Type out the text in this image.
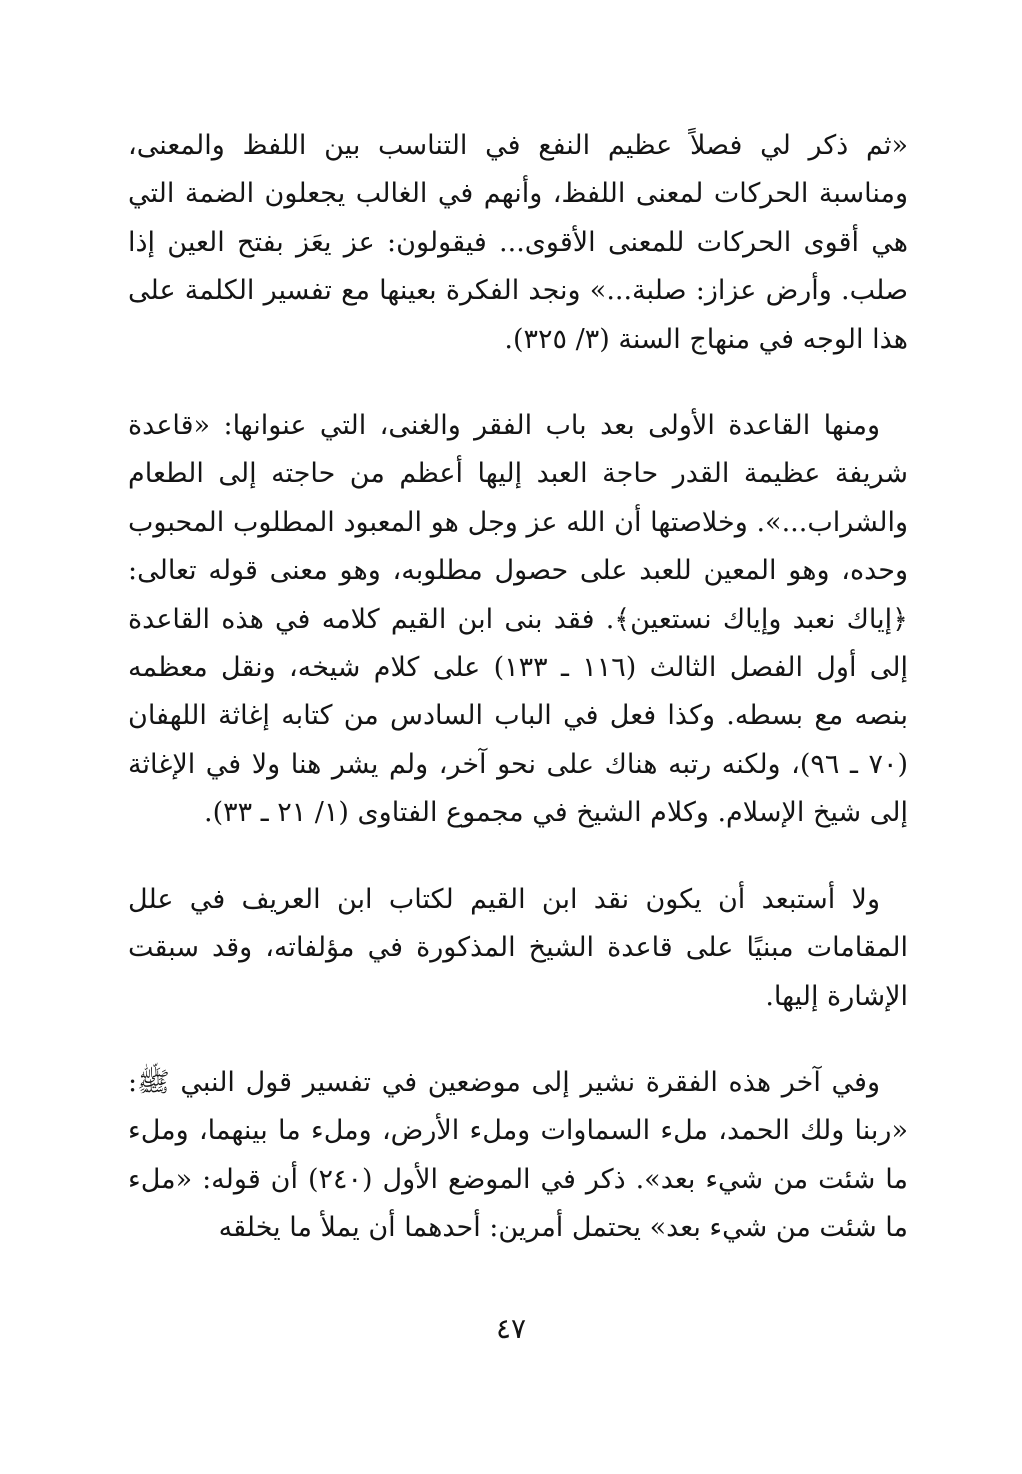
«ثم ذكر لي فصلاً عظيم النفع في التناسب بين اللفظ والمعنى، ومناسبة الحركات لمعنى اللفظ، وأنهم في الغالب يجعلون الضمة التي هي أقوى الحركات للمعنى الأقوى... فيقولون: عز يعَز بفتح العين إذا صلب. وأرض عزاز: صلبة...» ونجد الفكرة بعينها مع تفسير الكلمة على هذا الوجه في منهاج السنة (٣/ ٣٢٥).

ومنها القاعدة الأولى بعد باب الفقر والغنى، التي عنوانها: «قاعدة شريفة عظيمة القدر حاجة العبد إليها أعظم من حاجته إلى الطعام والشراب...». وخلاصتها أن الله عز وجل هو المعبود المطلوب المحبوب وحده، وهو المعين للعبد على حصول مطلوبه، وهو معنى قوله تعالى: ﴿إياك نعبد وإياك نستعين﴾. فقد بنى ابن القيم كلامه في هذه القاعدة إلى أول الفصل الثالث (١١٦ ـ ١٣٣) على كلام شيخه، ونقل معظمه بنصه مع بسطه. وكذا فعل في الباب السادس من كتابه إغاثة اللهفان (٧٠ ـ ٩٦)، ولكنه رتبه هناك على نحو آخر، ولم يشر هنا ولا في الإغاثة إلى شيخ الإسلام. وكلام الشيخ في مجموع الفتاوى (١/ ٢١ ـ ٣٣).

ولا أستبعد أن يكون نقد ابن القيم لكتاب ابن العريف في علل المقامات مبنيًا على قاعدة الشيخ المذكورة في مؤلفاته، وقد سبقت الإشارة إليها.

وفي آخر هذه الفقرة نشير إلى موضعين في تفسير قول النبي ﷺ: «ربنا ولك الحمد، ملء السماوات وملء الأرض، وملء ما بينهما، وملء ما شئت من شيء بعد». ذكر في الموضع الأول (٢٤٠) أن قوله: «ملء ما شئت من شيء بعد» يحتمل أمرين: أحدهما أن يملأ ما يخلقه

٤٧
